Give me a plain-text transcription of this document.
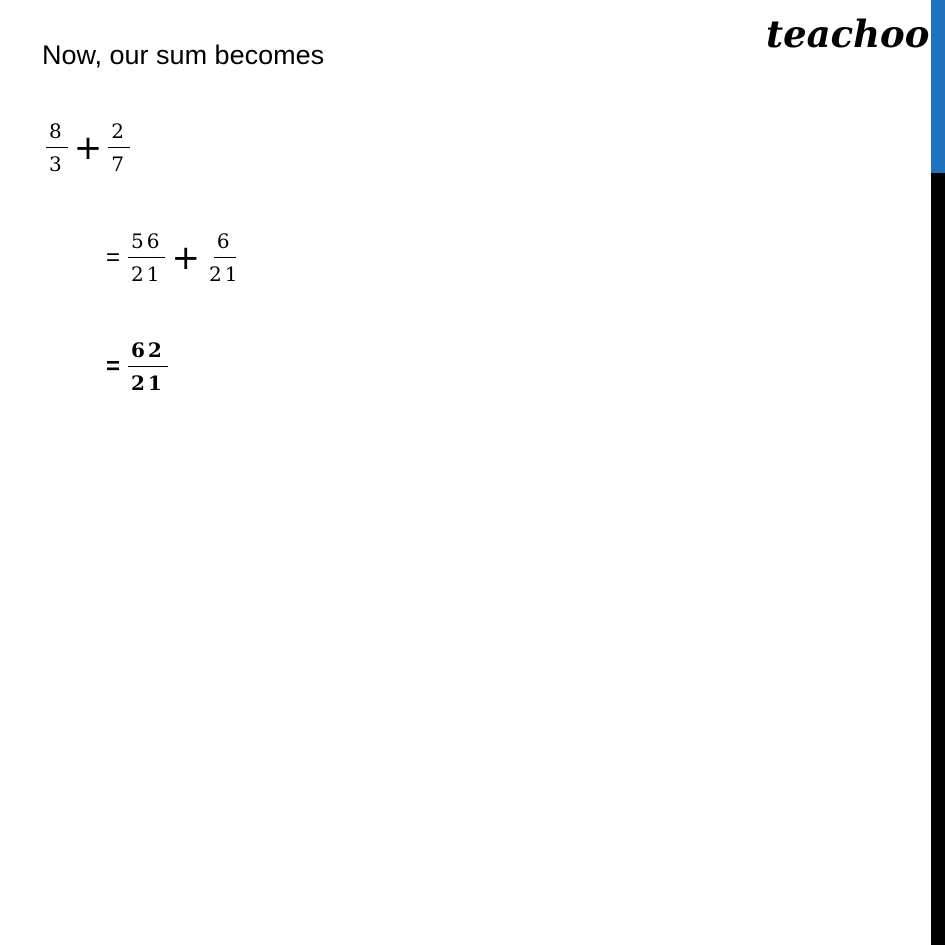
teachoo

Now, our sum becomes

$\frac{8}{3} + \frac{2}{7}$
= $\frac{56}{21} + \frac{6}{21}$
= $\frac{62}{21}$
